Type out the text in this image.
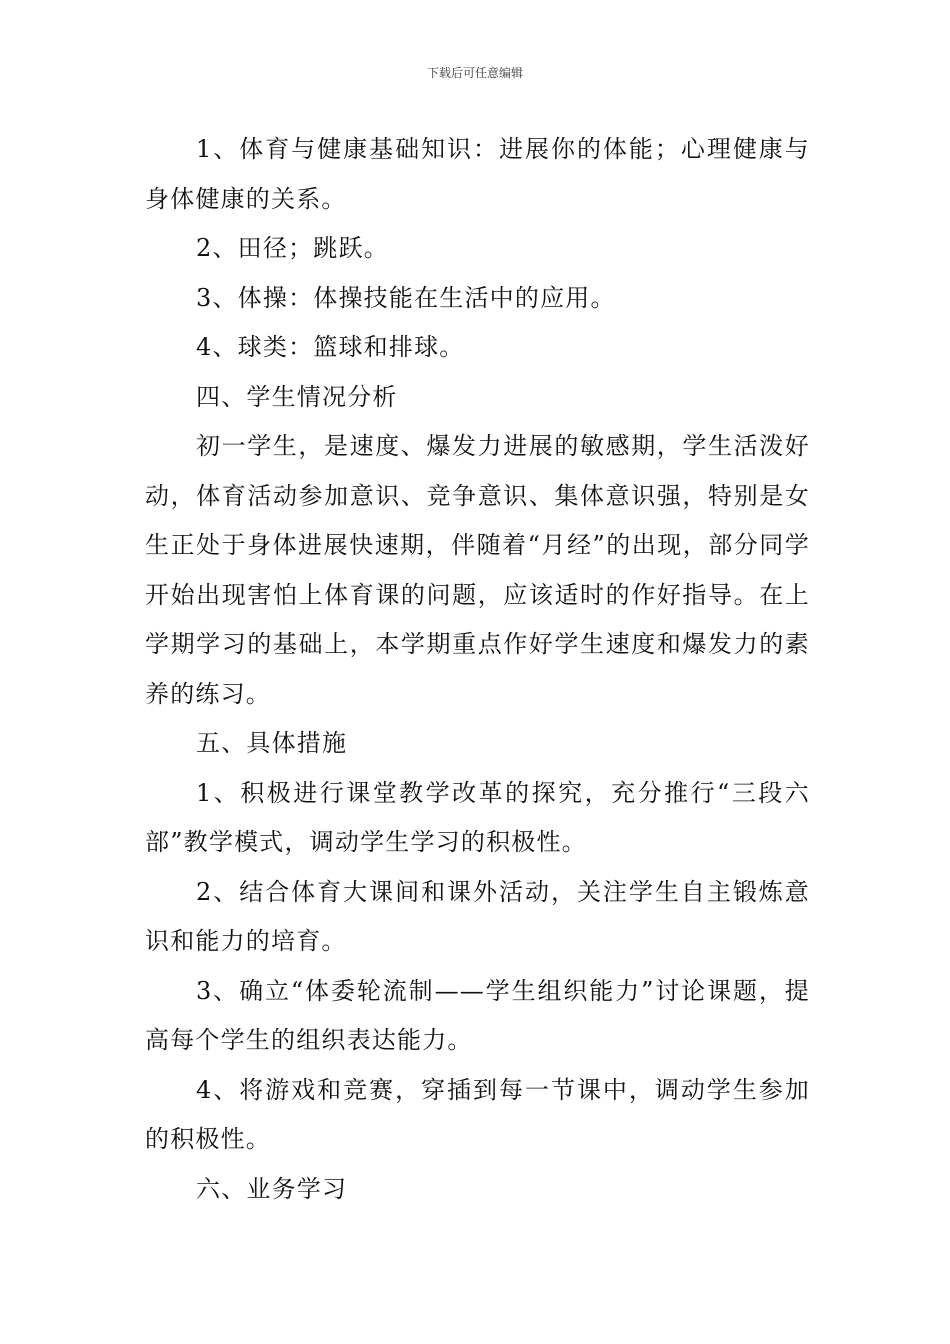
下载后可任意编辑

1、体育与健康基础知识：进展你的体能；心理健康与身体健康的关系。

2、田径；跳跃。

3、体操：体操技能在生活中的应用。

4、球类：篮球和排球。

四、学生情况分析

初一学生，是速度、爆发力进展的敏感期，学生活泼好动，体育活动参加意识、竞争意识、集体意识强，特别是女生正处于身体进展快速期，伴随着“月经”的出现，部分同学开始出现害怕上体育课的问题，应该适时的作好指导。在上学期学习的基础上，本学期重点作好学生速度和爆发力的素养的练习。

五、具体措施

1、积极进行课堂教学改革的探究，充分推行“三段六部”教学模式，调动学生学习的积极性。

2、结合体育大课间和课外活动，关注学生自主锻炼意识和能力的培育。

3、确立“体委轮流制——学生组织能力”讨论课题，提高每个学生的组织表达能力。

4、将游戏和竞赛，穿插到每一节课中，调动学生参加的积极性。

六、业务学习
